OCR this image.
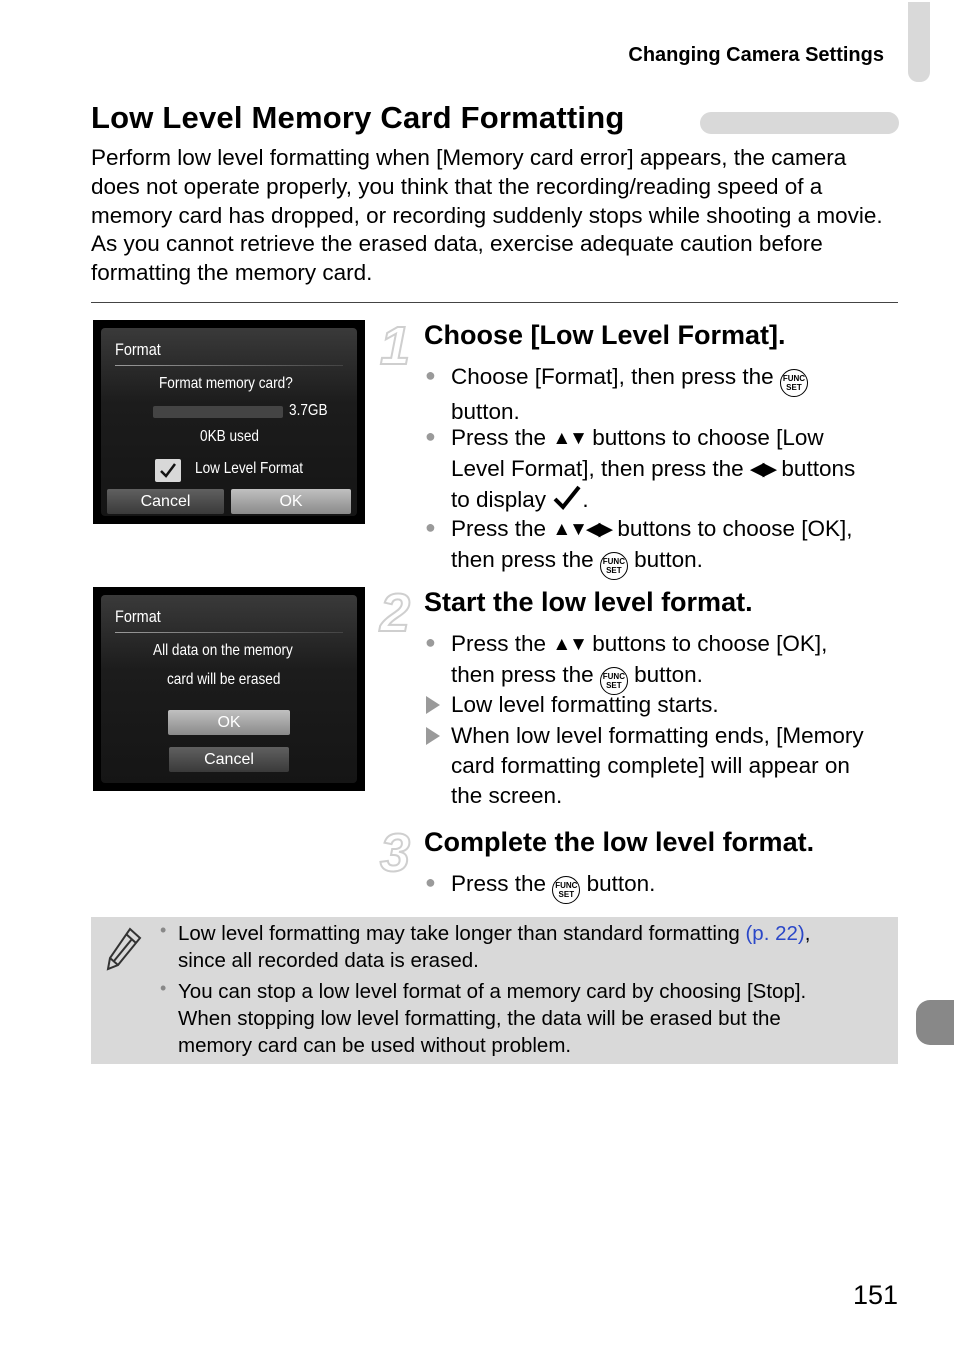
Changing Camera Settings
Low Level Memory Card Formatting
Perform low level formatting when [Memory card error] appears, the camera does not operate properly, you think that the recording/reading speed of a memory card has dropped, or recording suddenly stops while shooting a movie. As you cannot retrieve the erased data, exercise adequate caution before formatting the memory card.
Format
Format memory card?
3.7GB
0KB used
Low Level Format
Cancel	OK
Format
All data on the memory
card will be erased
OK
Cancel
1 Choose [Low Level Format].
● Choose [Format], then press the FUNC
SET
button.
● Press the ▲▼ buttons to choose [Low
Level Format], then press the ◀▶ buttons
to display .
● Press the ▲▼◀▶ buttons to choose [OK],
then press the FUNC
SET button.
2 Start the low level format.
● Press the ▲▼ buttons to choose [OK],
then press the FUNC
SET button.
Low level formatting starts.
When low level formatting ends, [Memory
card formatting complete] will appear on
the screen.
3 Complete the low level format.
● Press the FUNC
SET button.
• Low level formatting may take longer than standard formatting (p. 22),
since all recorded data is erased.
• You can stop a low level format of a memory card by choosing [Stop].
When stopping low level formatting, the data will be erased but the
memory card can be used without problem.
151
